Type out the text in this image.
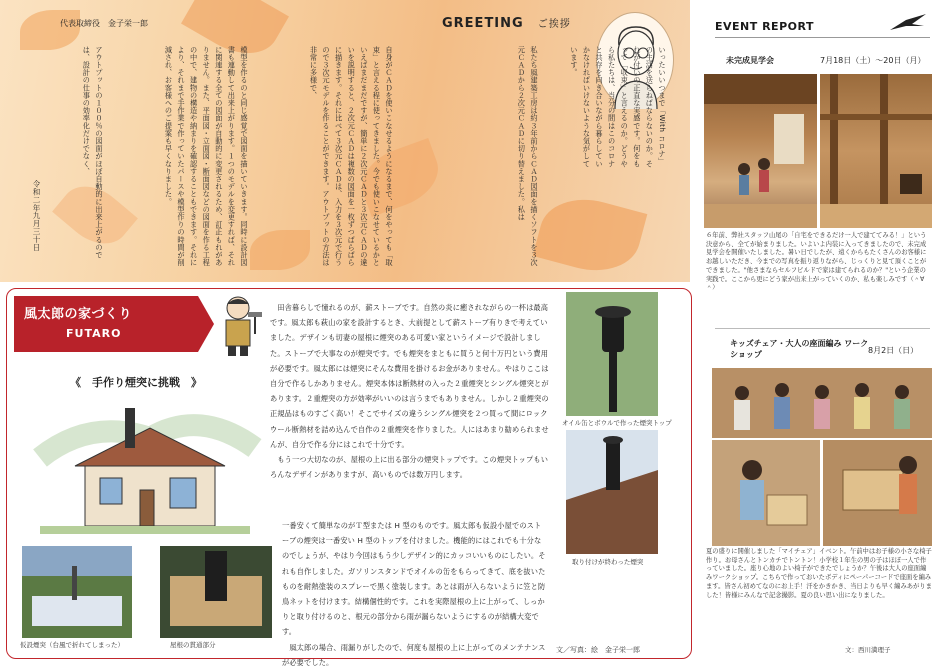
GREETING ご挨拶
いったいいつまで「With コロナ」の生活を送らねばならないのか。それが付いの正直な実感です。何をもって「収束」と言えるのか。どうやら私たちは、当分の間はこのコロナと共存を向き合いながら暮らしていかなければいけないような気がしています。
私たち風建築工房は約３年前からＣＡＤ図面を描くソフトを３次元ＣＡＤから２次元ＣＡＤに切り替えました。私は
自身がＣＡＤを使いこなせるようになるまで、何をやっても「取束」と言える程に使ってきました。今でも使いこなせているかといえばまだまだですが、簡単に２次元ＣＡＤと３次元ＣＡＤの違いを説明すると、２次元ＣＡＤは複数の図面を一枚ずつばらばらに描きます。それに比べて３次元ＣＡＤは、入力を３次元で行うので３次元モデルを作ることができます。アウトプットの方法は非常に多様で、
模型を作るのと同じ感覚で図面を描いていきます。同時に設計図書も連動して出来上がります。１つのモデルを変更すれば、それに関連する全ての図面が自動的に変更されるため、訂正もれがありません。また、平面図・立面図・断面図などの図面を作る工程の中で、建物の構造や納まりを確認することもできます。それにより、それまで手作業で作っていたパースや模型作りの時間が削減され、お客様へのご提案も早くなりました。
アウトプットの１００％の図面がほぼ自動的に出来上がるのでは、設計の仕事の効率化だけでなく、
代表取締役　金子栄一郎
令和二年九月三十日
EVENT REPORT
未完成見学会	7月18日（土）〜20日（月）
６年前、弊社スタッフ山尾の「自宅をできるだけ一人で建ててみる！」という決意から、全てが始まりました。いよいよ内装に入ってきましたので、未完成見学会を開催いたしました。暑い日でしたが、遠くからもたくさんのお客様にお越しいただき、今までの写真を振り返りながら、じっくりと見て頂くことができました。"他さまならセルフビルドで家は建てられるのか？"という企業の実践で。ここから更にどう家が出来上がっていくのか、私も楽しみです（＾∀＾）
キッズチェア・大人の座面編み ワークショップ	8月2日（日）
夏の盛りに開催しました「マイチェア」イベント。午前中はお子様の小さな椅子作り。お母さんとトンカチでトントン！小学校１年生の男の子はほぼ一人で作っていました。座り心地のよい椅子ができたでしょうか？午後は大人の座面編みワークショップ。こちらで作っておいたボディにペーパーコードで座面を編みます。皆さん初めてなのにお上手！汗をかきかき、当日よりも早く編みあがりました！皆様にみんなで記念撮影。夏の良い思い出になりました。
文：西川満理子
風太郎の家づくり
FUTARO
《　手作り煙突に挑戦　》
仮設煙突（台風で折れてしまった）	屋根の貫通部分
　田舎暮らしで憧れるのが、薪ストーブです。自然の炎に癒されながらの一杯は最高です。風太郎も萩山の家を設計するとき、大前提として薪ストーブ有りきで考えていました。デザインも切妻の屋根に煙突のある可愛い家というイメージで設計しました。ストーブで大事なのが煙突です。でも煙突をまともに買うと何十万円という費用が必要です。風太郎には煙突にそんな費用を掛けるお金がありません。やはりここは自分で作るしかありません。煙突本体は断熱材の入った２重煙突とシングル煙突とがあります。２重煙突の方が効率がいいのは言うまでもありません。しかし２重煙突の正規品はものすごく高い！そこでサイズの違うシングル煙突を２つ買って間にロックウール断熱材を詰め込んで自作の２重煙突を作りました。人にはあまり勧められませんが、自分で作る分にはこれで十分です。
　もう一つ大切なのが、屋根の上に出る部分の煙突トップです。この煙突トップもいろんなデザインがありますが、高いものでは数万円します。
一番安くて簡単なのがＴ型または H 型のものです。風太郎も仮設小屋でのストーブの煙突は一番安い H 型のトップを付けました。機能的にはこれでも十分なのでしょうが、やはり今回はもう少しデザイン的にカッコいいものにしたい。それも自作しました。ガソリンスタンドでオイルの缶をもらってきて、底を抜いたものを耐熱塗装のスプレーで黒く塗装します。あとは雨が入らないように笠と防鳥ネットを付けます。結構個性的です。これを実際屋根の上に上がって、しっかりと取り付けるのと、根元の部分から雨が漏らないようにするのが結構大変です。
　風太郎の場合、雨漏りがしたので、何度も屋根の上に上がってのメンテナンスが必要でした。
文／写真：絵　金子栄一郎
オイル缶とボウルで作った煙突トップ
取り付けが終わった煙突
